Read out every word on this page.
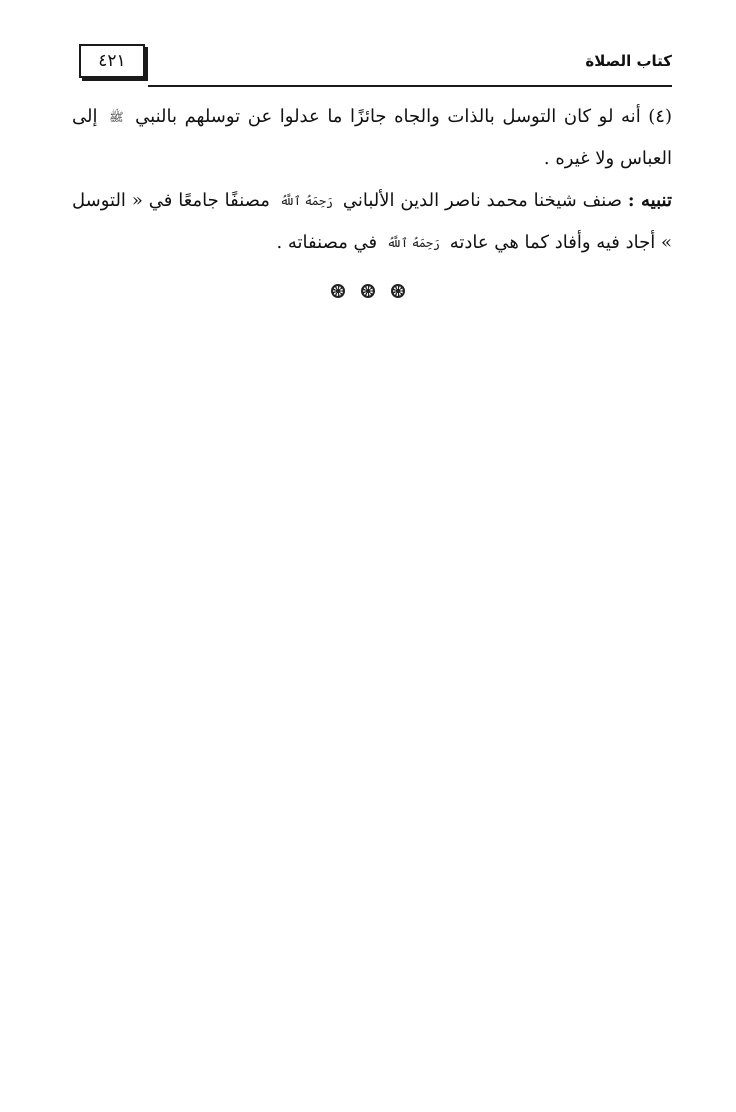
٤٢١	كتاب الصلاة

(٤) أنه لو كان التوسل بالذات والجاه جائزًا ما عدلوا عن توسلهم بالنبي ﷺ إلى العباس ولا غيره .

تنبيه : صنف شيخنا محمد ناصر الدين الألباني رَحِمَهُ ٱللَّهُ مصنفًا جامعًا في « التوسل » أجاد فيه وأفاد كما هي عادته رَحِمَهُ ٱللَّهُ في مصنفاته .
